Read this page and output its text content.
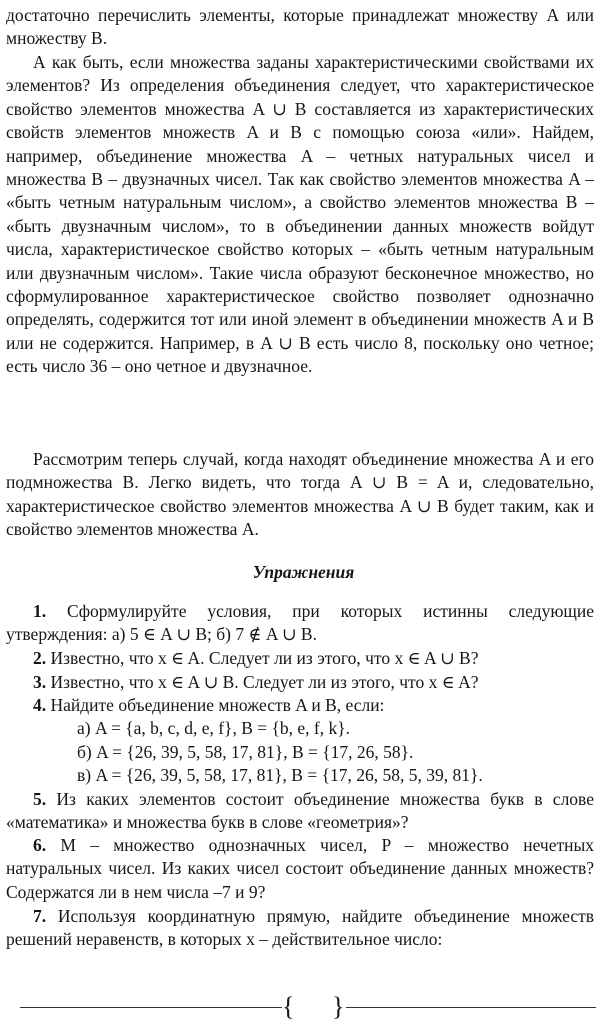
достаточно перечислить элементы, которые принадлежат множеству A или множеству B.

А как быть, если множества заданы характеристическими свойствами их элементов? Из определения объединения следует, что характеристическое свойство элементов множества A ∪ B составляется из характеристических свойств элементов множеств A и B с помощью союза «или». Найдем, например, объединение множества A – четных натуральных чисел и множества B – двузначных чисел. Так как свойство элементов множества A – «быть четным натуральным числом», а свойство элементов множества B – «быть двузначным числом», то в объединении данных множеств войдут числа, характеристическое свойство которых – «быть четным натуральным или двузначным числом». Такие числа образуют бесконечное множество, но сформулированное характеристическое свойство позволяет однозначно определять, содержится тот или иной элемент в объединении множеств A и B или не содержится. Например, в A ∪ B есть число 8, поскольку оно четное; есть число 36 – оно четное и двузначное.

Рассмотрим теперь случай, когда находят объединение множества A и его подмножества B. Легко видеть, что тогда A ∪ B = A и, следовательно, характеристическое свойство элементов множества A ∪ B будет таким, как и свойство элементов множества A.

Упражнения

1. Сформулируйте условия, при которых истинны следующие утверждения: а) 5 ∈ A ∪ B; б) 7 ∉ A ∪ B.

2. Известно, что x ∈ A. Следует ли из этого, что x ∈ A ∪ B?

3. Известно, что x ∈ A ∪ B. Следует ли из этого, что x ∈ A?

4. Найдите объединение множеств A и B, если:

а) A = {a, b, c, d, e, f}, B = {b, e, f, k}.

б) A = {26, 39, 5, 58, 17, 81}, B = {17, 26, 58}.

в) A = {26, 39, 5, 58, 17, 81}, B = {17, 26, 58, 5, 39, 81}.

5. Из каких элементов состоит объединение множества букв в слове «математика» и множества букв в слове «геометрия»?

6. M – множество однозначных чисел, P – множество нечетных натуральных чисел. Из каких чисел состоит объединение данных множеств? Содержатся ли в нем числа –7 и 9?

7. Используя координатную прямую, найдите объединение множеств решений неравенств, в которых x – действительное число:

{ }
